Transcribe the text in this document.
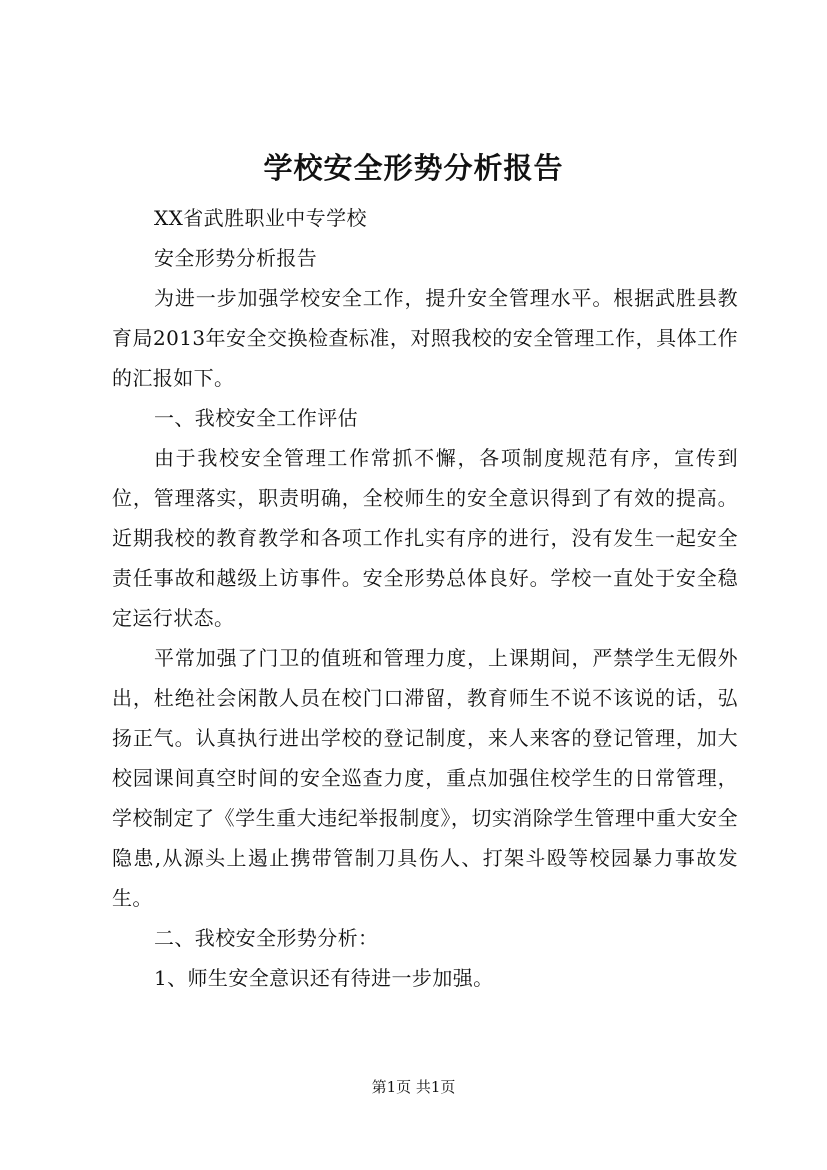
学校安全形势分析报告

XX省武胜职业中专学校

安全形势分析报告

为进一步加强学校安全工作，提升安全管理水平。根据武胜县教育局2013年安全交换检查标准，对照我校的安全管理工作，具体工作的汇报如下。

一、我校安全工作评估

由于我校安全管理工作常抓不懈，各项制度规范有序，宣传到位，管理落实，职责明确，全校师生的安全意识得到了有效的提高。近期我校的教育教学和各项工作扎实有序的进行，没有发生一起安全责任事故和越级上访事件。安全形势总体良好。学校一直处于安全稳定运行状态。

平常加强了门卫的值班和管理力度，上课期间，严禁学生无假外出，杜绝社会闲散人员在校门口滞留，教育师生不说不该说的话，弘扬正气。认真执行进出学校的登记制度，来人来客的登记管理，加大校园课间真空时间的安全巡查力度，重点加强住校学生的日常管理，学校制定了《学生重大违纪举报制度》，切实消除学生管理中重大安全隐患,从源头上遏止携带管制刀具伤人、打架斗殴等校园暴力事故发生。

二、我校安全形势分析：

1、师生安全意识还有待进一步加强。

第1页 共1页
